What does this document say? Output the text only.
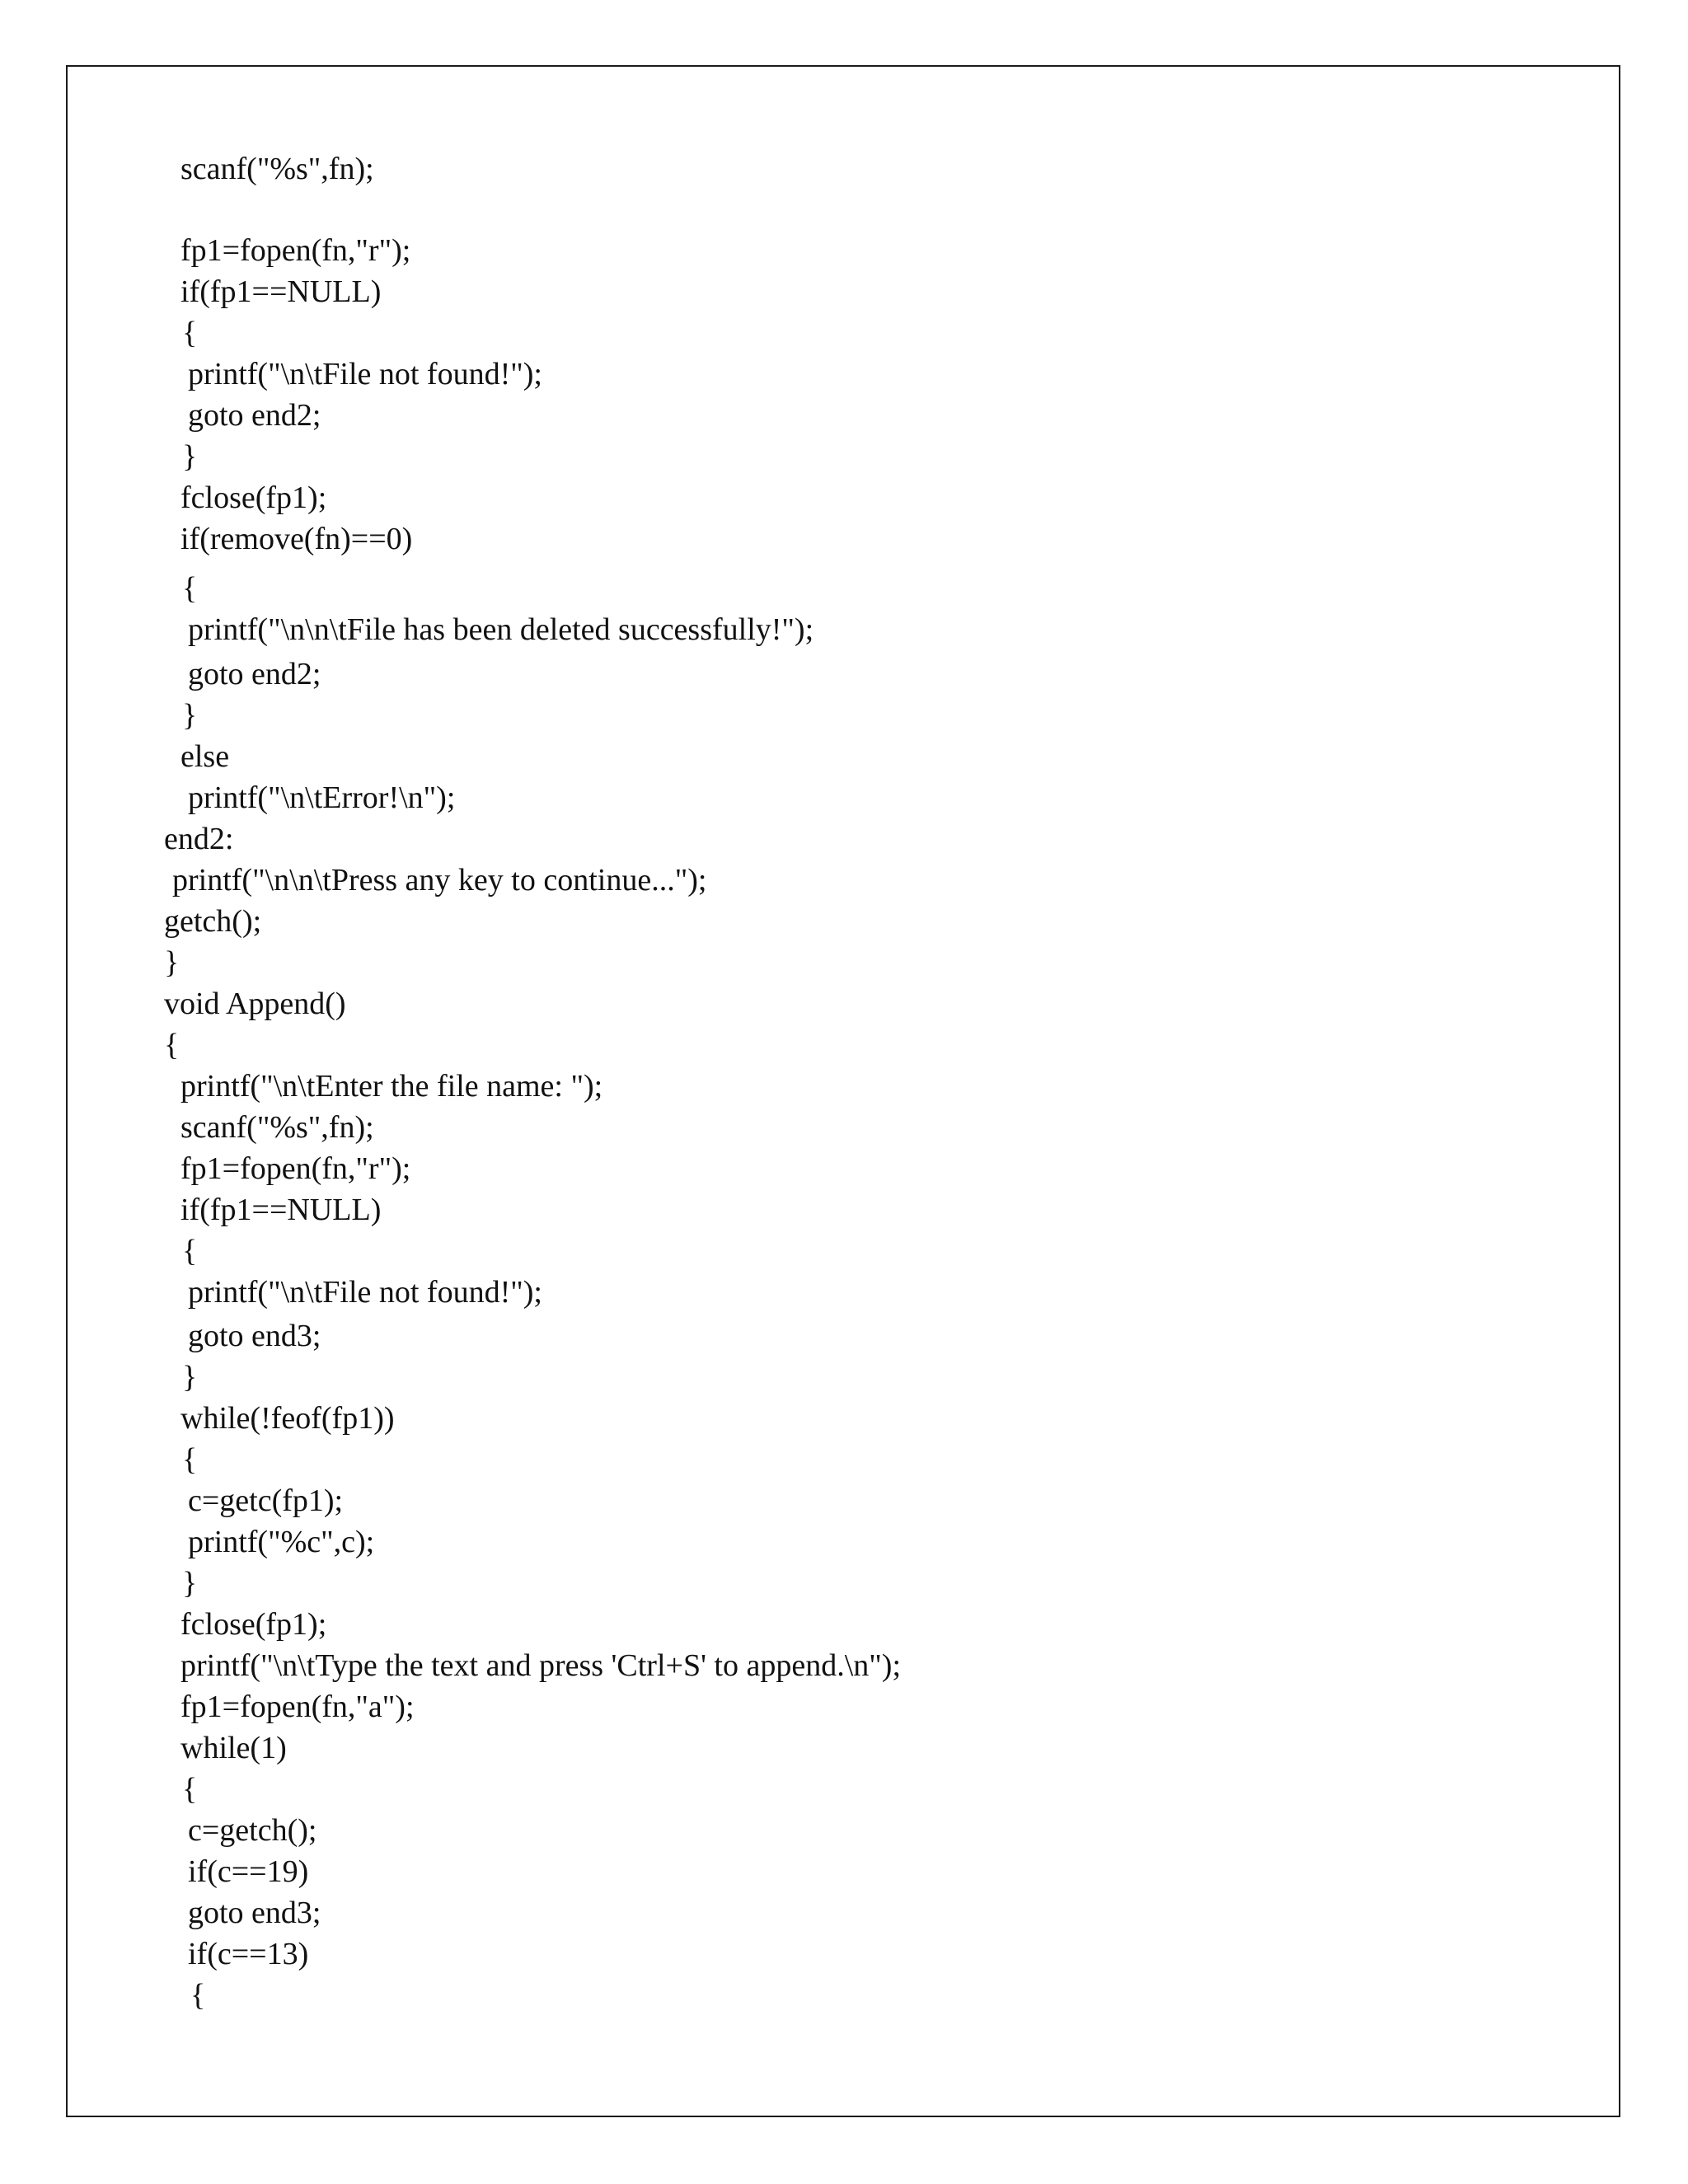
scanf("%s",fn);
fp1=fopen(fn,"r");
if(fp1==NULL)
{
printf("\n\tFile not found!");
goto end2;
}
fclose(fp1);
if(remove(fn)==0)
{
printf("\n\n\tFile has been deleted successfully!");
goto end2;
}
else
printf("\n\tError!\n");
end2:
printf("\n\n\tPress any key to continue...");
getch();
}
void Append()
{
printf("\n\tEnter the file name: ");
scanf("%s",fn);
fp1=fopen(fn,"r");
if(fp1==NULL)
{
printf("\n\tFile not found!");
goto end3;
}
while(!feof(fp1))
{
c=getc(fp1);
printf("%c",c);
}
fclose(fp1);
printf("\n\tType the text and press 'Ctrl+S' to append.\n");
fp1=fopen(fn,"a");
while(1)
{
c=getch();
if(c==19)
goto end3;
if(c==13)
{
